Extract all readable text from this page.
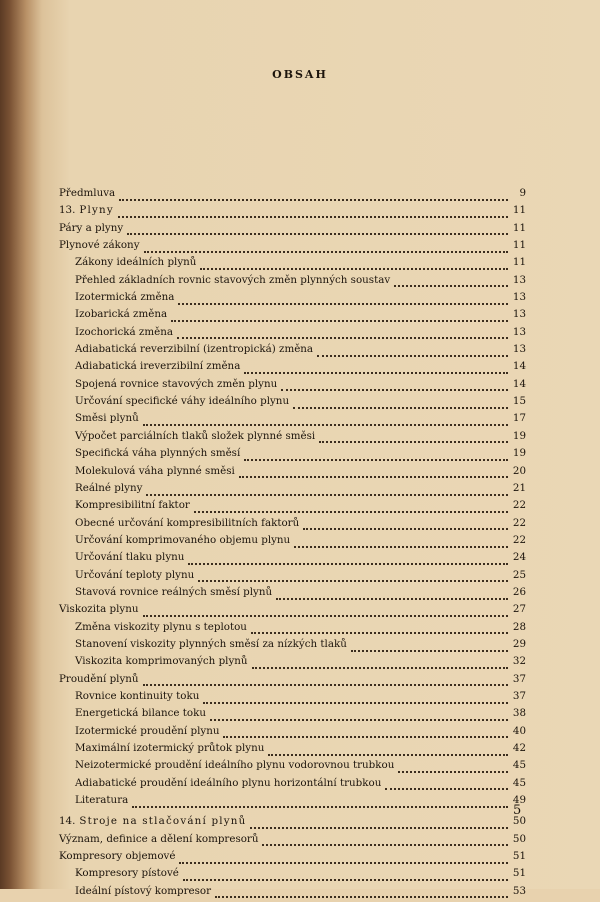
OBSAH
Předmluva	9
13. Plyny	11
Páry a plyny	11
Plynové zákony	11
Zákony ideálních plynů	11
Přehled základních rovnic stavových změn plynných soustav	13
Izotermická změna	13
Izobarická změna	13
Izochorická změna	13
Adiabatická reverzibilní (izentropická) změna	13
Adiabatická ireverzibilní změna	14
Spojená rovnice stavových změn plynu	14
Určování specifické váhy ideálního plynu	15
Směsi plynů	17
Výpočet parciálních tlaků složek plynné směsi	19
Specifická váha plynných směsí	19
Molekulová váha plynné směsi	20
Reálné plyny	21
Kompresibilitní faktor	22
Obecné určování kompresibilitních faktorů	22
Určování komprimovaného objemu plynu	22
Určování tlaku plynu	24
Určování teploty plynu	25
Stavová rovnice reálných směsí plynů	26
Viskozita plynu	27
Změna viskozity plynu s teplotou	28
Stanovení viskozity plynných směsí za nízkých tlaků	29
Viskozita komprimovaných plynů	32
Proudění plynů	37
Rovnice kontinuity toku	37
Energetická bilance toku	38
Izotermické proudění plynu	40
Maximální izotermický průtok plynu	42
Neizotermické proudění ideálního plynu vodorovnou trubkou	45
Adiabatické proudění ideálního plynu horizontální trubkou	45
Literatura	49
14. Stroje na stlačování plynů	50
Význam, definice a dělení kompresorů	50
Kompresory objemové	51
Kompresory pístové	51
Ideální pístový kompresor	53
5
